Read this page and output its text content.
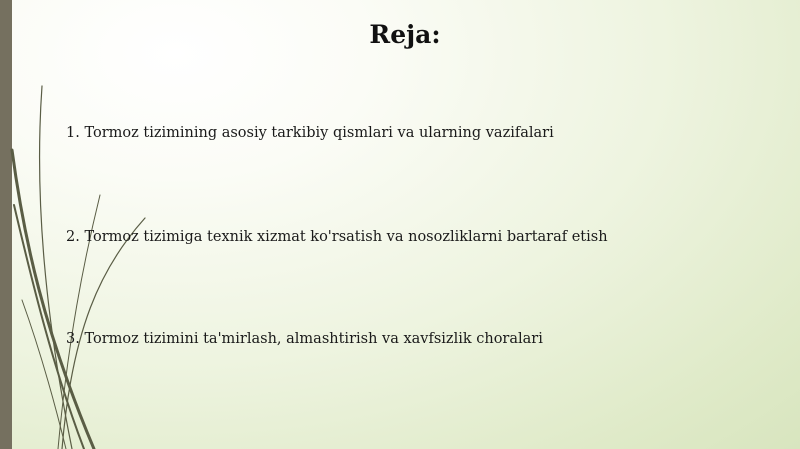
Reja:

1. Tormoz tizimining asosiy tarkibiy qismlari va ularning vazifalari

2. Tormoz tizimiga texnik xizmat ko'rsatish va nosozliklarni bartaraf etish

3. Tormoz tizimini ta'mirlash, almashtirish va xavfsizlik choralari
